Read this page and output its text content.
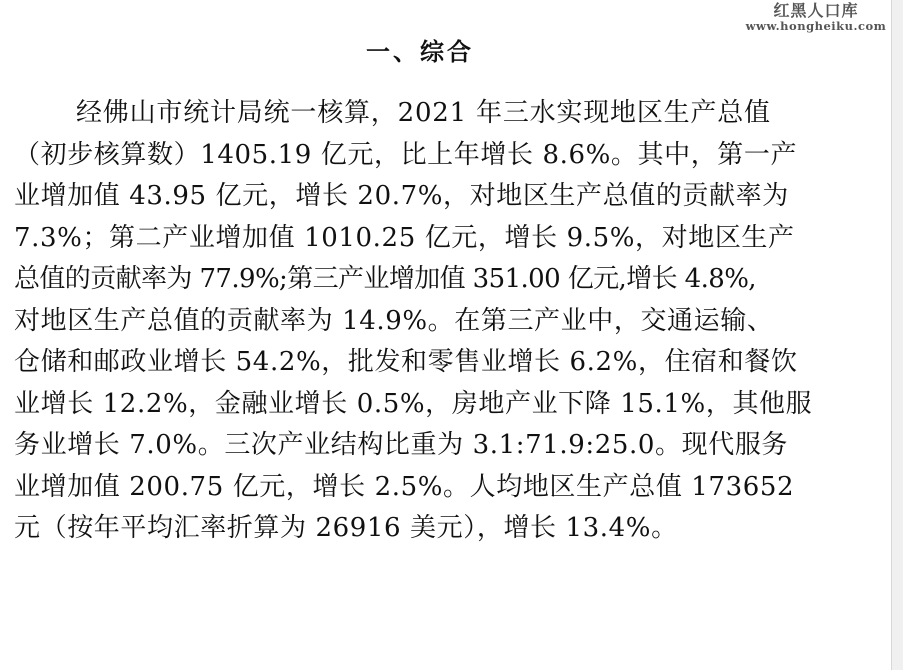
红黑人口库
www.hongheiku.com
一、综合
经佛山市统计局统一核算，2021 年三水实现地区生产总值
（初步核算数）1405.19 亿元，比上年增长 8.6%。其中，第一产
业增加值 43.95 亿元，增长 20.7%，对地区生产总值的贡献率为
7.3%；第二产业增加值 1010.25 亿元，增长 9.5%，对地区生产
总值的贡献率为 77.9%;第三产业增加值 351.00 亿元,增长 4.8%,
对地区生产总值的贡献率为 14.9%。在第三产业中，交通运输、
仓储和邮政业增长 54.2%，批发和零售业增长 6.2%，住宿和餐饮
业增长 12.2%，金融业增长 0.5%，房地产业下降 15.1%，其他服
务业增长 7.0%。三次产业结构比重为 3.1:71.9:25.0。现代服务
业增加值 200.75 亿元，增长 2.5%。人均地区生产总值 173652
元（按年平均汇率折算为 26916 美元），增长 13.4%。
